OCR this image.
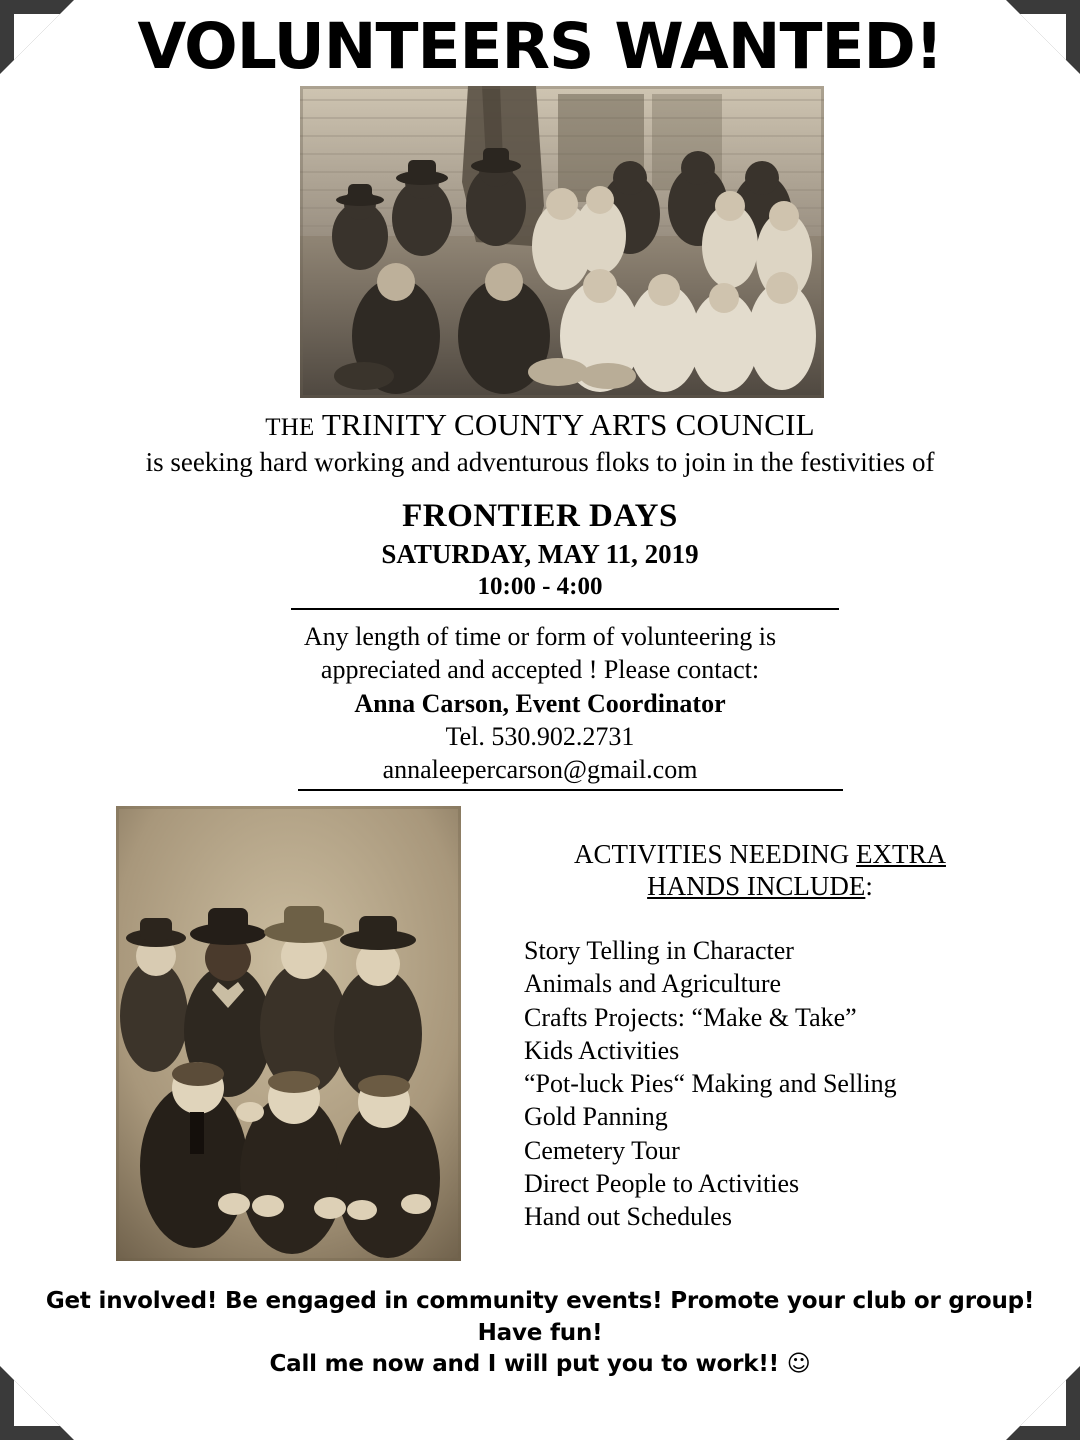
VOLUNTEERS WANTED!
THE TRINITY COUNTY ARTS COUNCIL
is seeking hard working and adventurous floks to join in the festivities of
FRONTIER DAYS
SATURDAY, MAY 11, 2019
10:00 - 4:00
Any length of time or form of volunteering is
appreciated and accepted ! Please contact:
Anna Carson, Event Coordinator
Tel. 530.902.2731
annaleepercarson@gmail.com
ACTIVITIES NEEDING EXTRA
HANDS INCLUDE:
Story Telling in Character
Animals and Agriculture
Crafts Projects: “Make & Take”
Kids Activities
“Pot-luck Pies“ Making and Selling
Gold Panning
Cemetery Tour
Direct People to Activities
Hand out Schedules
Get involved! Be engaged in community events! Promote your club or group!
Have fun!
Call me now and I will put you to work!! ☺
